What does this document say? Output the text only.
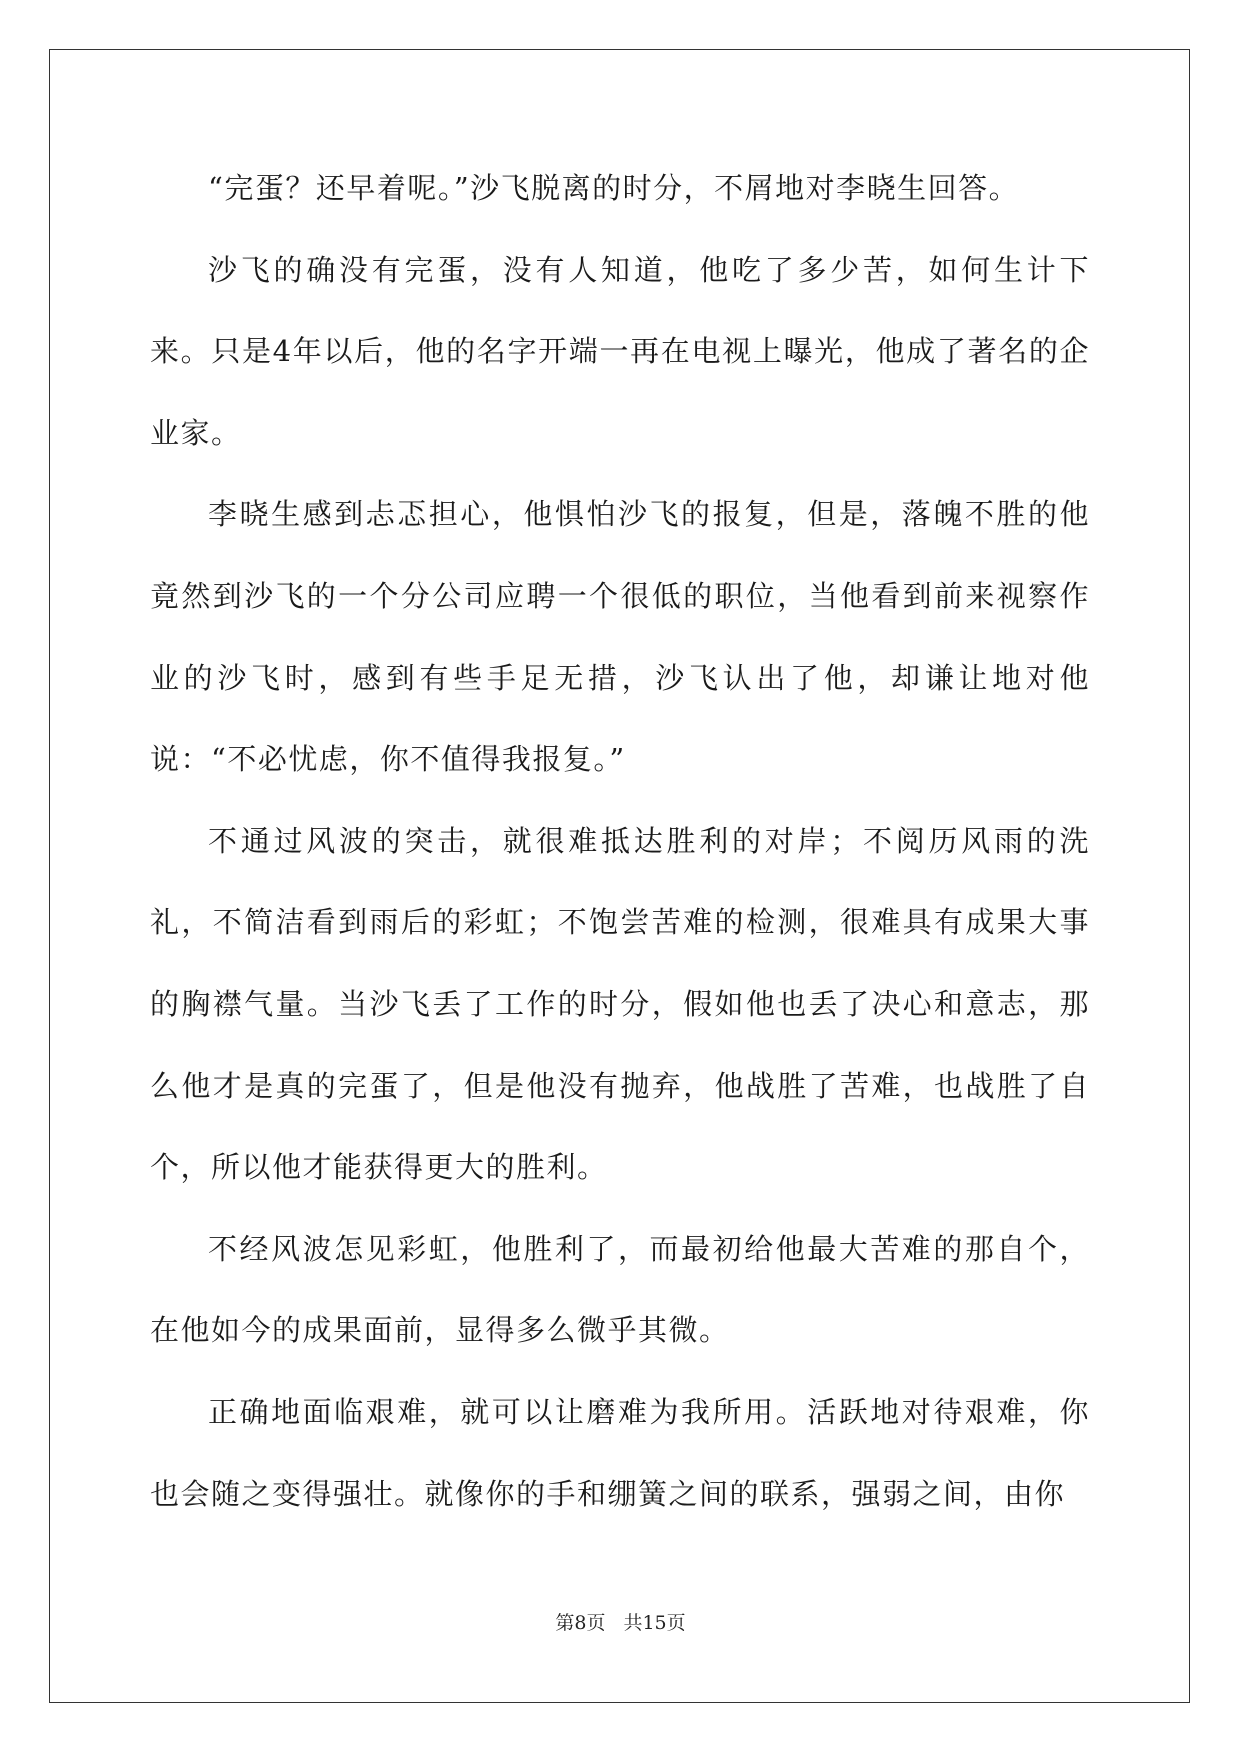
“完蛋？还早着呢。”沙飞脱离的时分，不屑地对李晓生回答。

沙飞的确没有完蛋，没有人知道，他吃了多少苦，如何生计下来。只是4年以后，他的名字开端一再在电视上曝光，他成了著名的企业家。

李晓生感到忐忑担心，他惧怕沙飞的报复，但是，落魄不胜的他竟然到沙飞的一个分公司应聘一个很低的职位，当他看到前来视察作业的沙飞时，感到有些手足无措，沙飞认出了他，却谦让地对他说：“不必忧虑，你不值得我报复。”

不通过风波的突击，就很难抵达胜利的对岸；不阅历风雨的洗礼，不简洁看到雨后的彩虹；不饱尝苦难的检测，很难具有成果大事的胸襟气量。当沙飞丢了工作的时分，假如他也丢了决心和意志，那么他才是真的完蛋了，但是他没有抛弃，他战胜了苦难，也战胜了自个，所以他才能获得更大的胜利。

不经风波怎见彩虹，他胜利了，而最初给他最大苦难的那自个，在他如今的成果面前，显得多么微乎其微。

正确地面临艰难，就可以让磨难为我所用。活跃地对待艰难，你也会随之变得强壮。就像你的手和绷簧之间的联系，强弱之间，由你

第8页 共15页
